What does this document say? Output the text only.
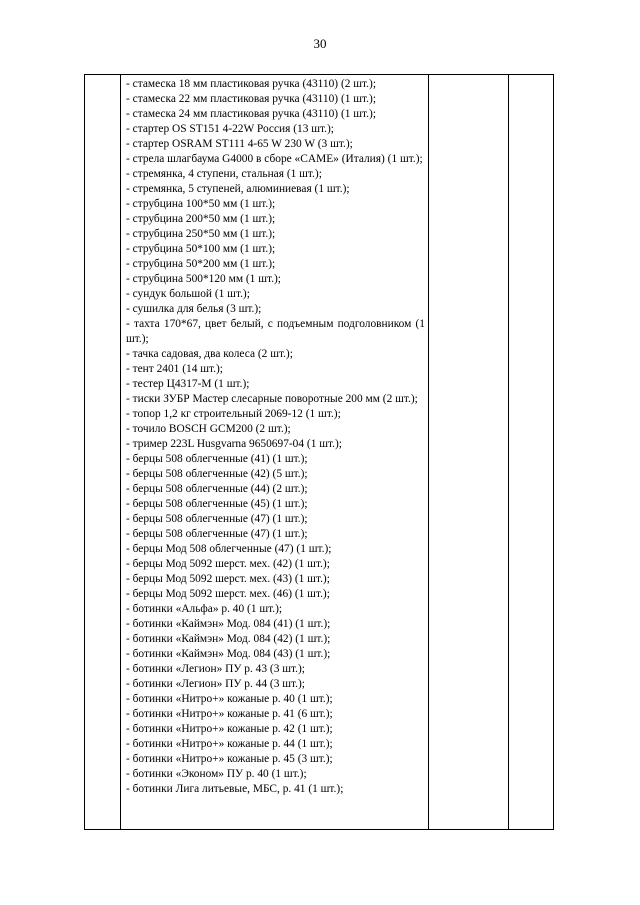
30
- стамеска 18 мм пластиковая ручка (43110) (2 шт.);
- стамеска 22 мм пластиковая ручка (43110) (1 шт.);
- стамеска 24 мм пластиковая ручка (43110) (1 шт.);
- стартер OS ST151 4-22W Россия (13 шт.);
- стартер OSRAM ST111 4-65 W 230 W (3 шт.);
- стрела шлагбаума G4000 в сборе «CAME» (Италия) (1 шт.);
- стремянка, 4 ступени, стальная (1 шт.);
- стремянка, 5 ступеней, алюминиевая (1 шт.);
- струбцина 100*50 мм (1 шт.);
- струбцина 200*50 мм (1 шт.);
- струбцина 250*50 мм (1 шт.);
- струбцина 50*100 мм (1 шт.);
- струбцина 50*200 мм (1 шт.);
- струбцина 500*120 мм (1 шт.);
- сундук большой (1 шт.);
- сушилка для белья (3 шт.);
- тахта 170*67, цвет белый, с подъемным подголовником (1 шт.);
- тачка садовая, два колеса (2 шт.);
- тент 2401 (14 шт.);
- тестер Ц4317-М (1 шт.);
- тиски ЗУБР Мастер слесарные поворотные 200 мм (2 шт.);
- топор 1,2 кг строительный 2069-12 (1 шт.);
- точило BOSCH GCM200 (2 шт.);
- тример 223L Husgvarna 9650697-04 (1 шт.);
- берцы 508 облегченные (41) (1 шт.);
- берцы 508 облегченные (42) (5 шт.);
- берцы 508 облегченные (44) (2 шт.);
- берцы 508 облегченные (45) (1 шт.);
- берцы 508 облегченные (47) (1 шт.);
- берцы 508 облегченные (47) (1 шт.);
- берцы Мод 508 облегченные (47) (1 шт.);
- берцы Мод 5092 шерст. мех. (42) (1 шт.);
- берцы Мод 5092 шерст. мех. (43) (1 шт.);
- берцы Мод 5092 шерст. мех. (46) (1 шт.);
- ботинки «Альфа» р. 40 (1 шт.);
- ботинки «Каймэн» Мод. 084 (41) (1 шт.);
- ботинки «Каймэн» Мод. 084 (42) (1 шт.);
- ботинки «Каймэн» Мод. 084 (43) (1 шт.);
- ботинки «Легион» ПУ р. 43 (3 шт.);
- ботинки «Легион» ПУ р. 44 (3 шт.);
- ботинки «Нитро+» кожаные р. 40 (1 шт.);
- ботинки «Нитро+» кожаные р. 41 (6 шт.);
- ботинки «Нитро+» кожаные р. 42 (1 шт.);
- ботинки «Нитро+» кожаные р. 44 (1 шт.);
- ботинки «Нитро+» кожаные р. 45 (3 шт.);
- ботинки «Эконом» ПУ р. 40 (1 шт.);
- ботинки Лига литьевые, МБС, р. 41 (1 шт.);
